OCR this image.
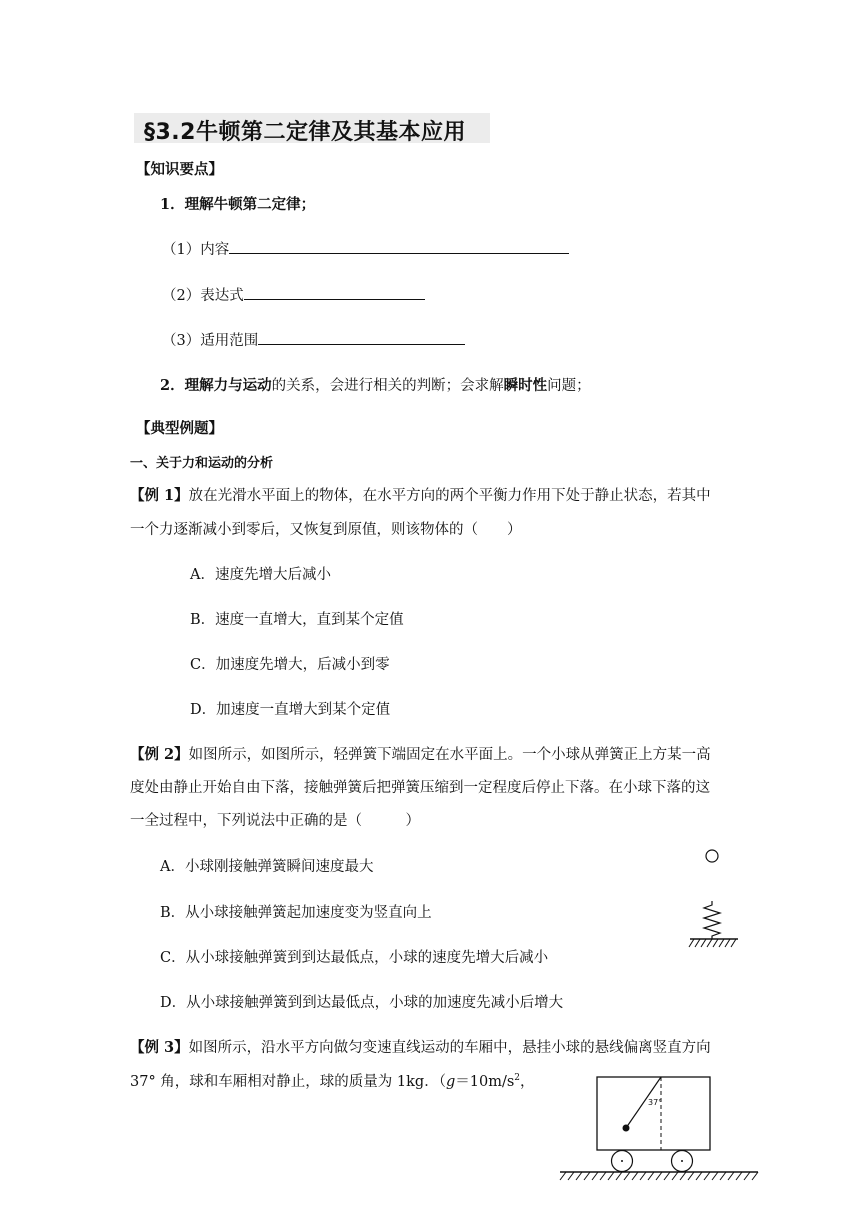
§3.2牛顿第二定律及其基本应用
【知识要点】
1．理解牛顿第二定律；
（1）内容
（2）表达式
（3）适用范围
2．理解力与运动的关系，会进行相关的判断；会求解瞬时性问题；
【典型例题】
一、关于力和运动的分析
【例 1】放在光滑水平面上的物体，在水平方向的两个平衡力作用下处于静止状态，若其中
一个力逐渐减小到零后，又恢复到原值，则该物体的（　　）
A．速度先增大后减小
B．速度一直增大，直到某个定值
C．加速度先增大，后减小到零
D．加速度一直增大到某个定值
【例 2】如图所示，如图所示，轻弹簧下端固定在水平面上。一个小球从弹簧正上方某一高
度处由静止开始自由下落，接触弹簧后把弹簧压缩到一定程度后停止下落。在小球下落的这
一全过程中，下列说法中正确的是（　　　）
A．小球刚接触弹簧瞬间速度最大
B．从小球接触弹簧起加速度变为竖直向上
C．从小球接触弹簧到到达最低点，小球的速度先增大后减小
D．从小球接触弹簧到到达最低点，小球的加速度先减小后增大
【例 3】如图所示，沿水平方向做匀变速直线运动的车厢中，悬挂小球的悬线偏离竖直方向
37° 角，球和车厢相对静止，球的质量为 1kg．（$g=10m/s^2$，
37°
